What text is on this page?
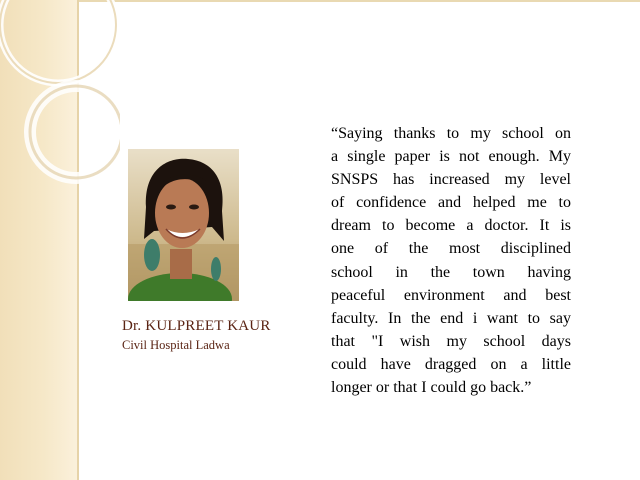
Dr. KULPREET KAUR
Civil Hospital Ladwa
“Saying thanks to my school on
a single paper is not enough. My
SNSPS has increased my level
of confidence and helped me to
dream to become a doctor. It is
one of the most disciplined
school in the town having
peaceful environment and best
faculty. In the end i want to say
that "I wish my school days
could have dragged on a little
longer or that I could go back.”
